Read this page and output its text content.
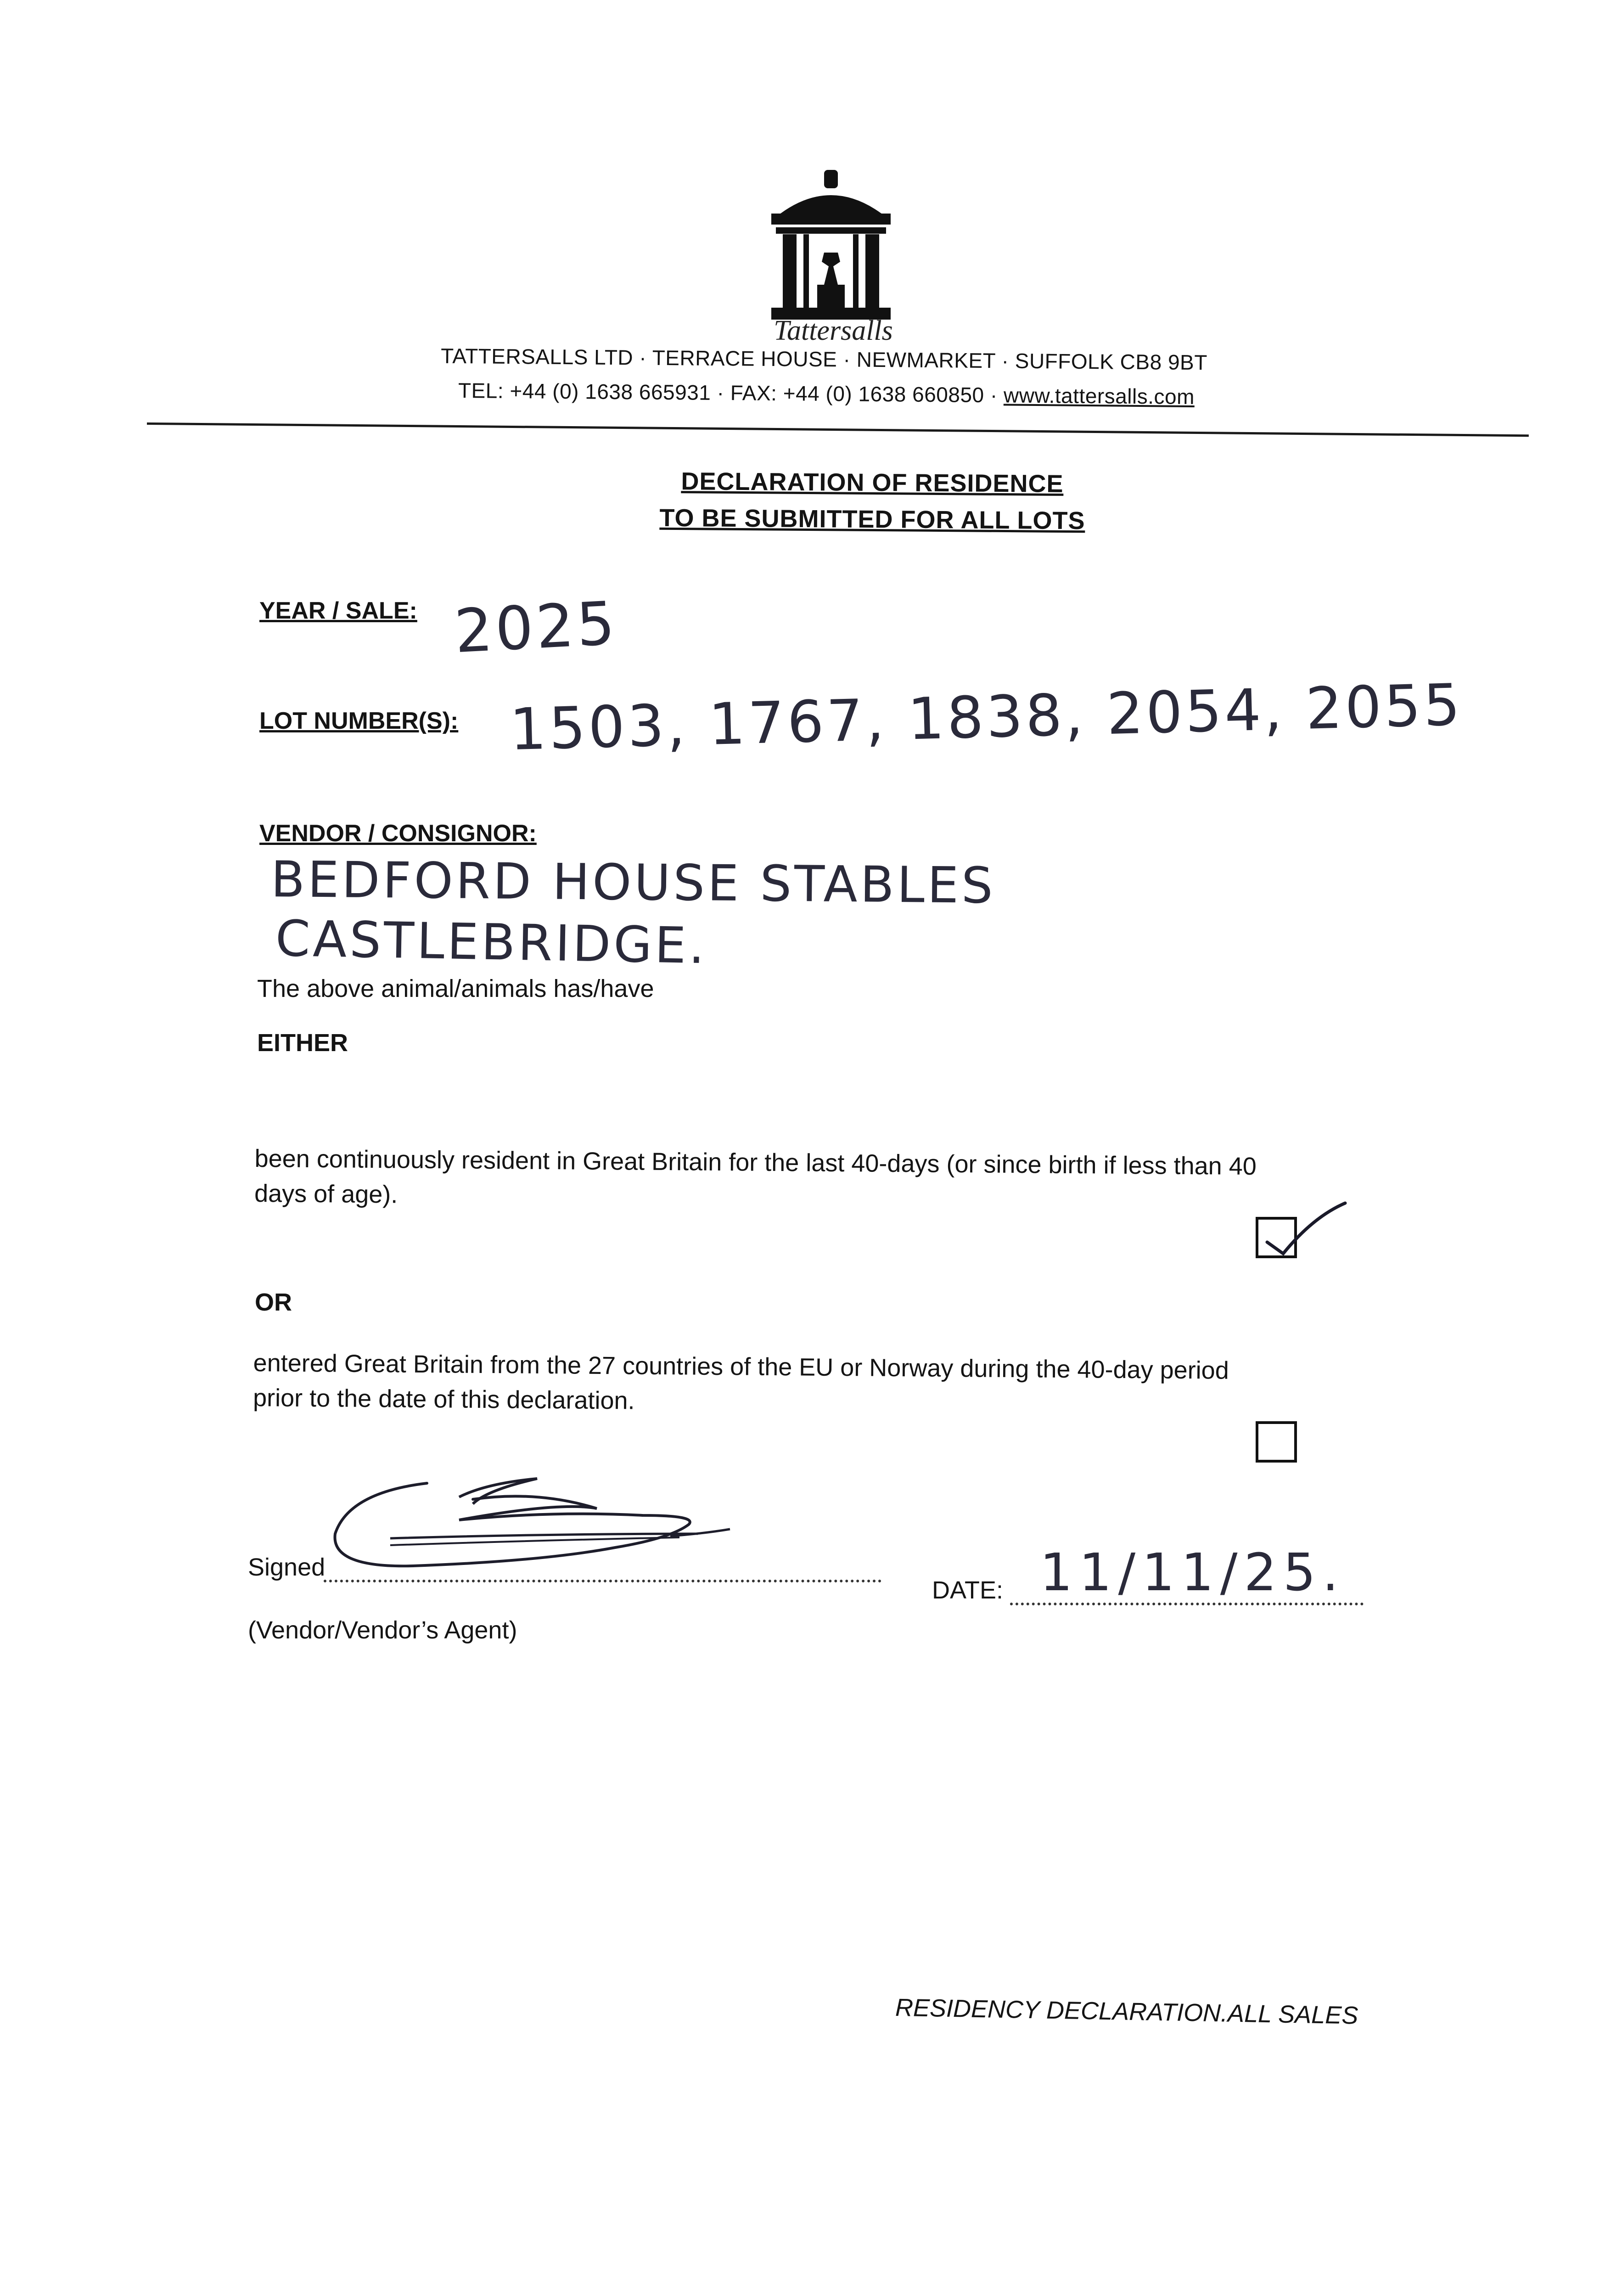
Tattersalls
TATTERSALLS LTD · TERRACE HOUSE · NEWMARKET · SUFFOLK CB8 9BT
TEL: +44 (0) 1638 665931 · FAX: +44 (0) 1638 660850 · www.tattersalls.com
DECLARATION OF RESIDENCE
TO BE SUBMITTED FOR ALL LOTS
YEAR / SALE: 2025
LOT NUMBER(S): 1503, 1767, 1838, 2054, 2055
VENDOR / CONSIGNOR:
BEDFORD HOUSE STABLES
CASTLEBRIDGE.
The above animal/animals has/have
EITHER
been continuously resident in Great Britain for the last 40-days (or since birth if less than 40
days of age).
OR
entered Great Britain from the 27 countries of the EU or Norway during the 40-day period
prior to the date of this declaration.
Signed
(Vendor/Vendor’s Agent)
DATE: 11/11/25.
RESIDENCY DECLARATION.ALL SALES
